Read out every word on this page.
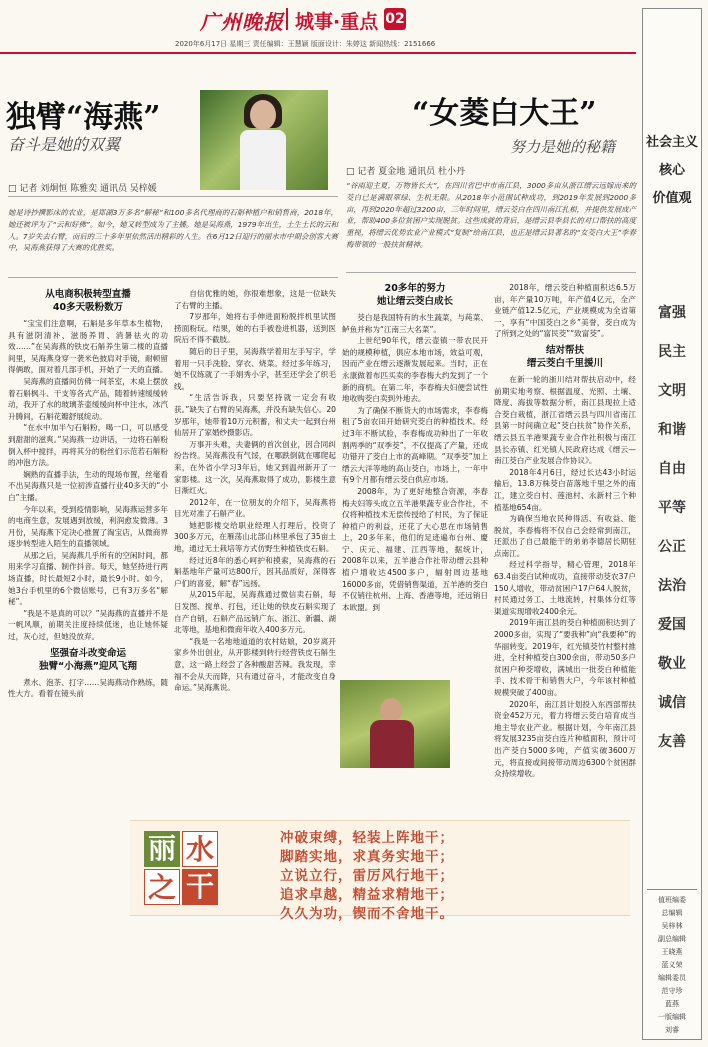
广州晚报 城事·重点 02
2020年6月17日 星期三 责任编辑：王慧颖 版面设计：朱婷这 新闻热线：2151666
社会主义
核心
价值观
富强
民主
文明
和谐
自由
平等
公正
法治
爱国
敬业
诚信
友善
值班编委
总编辑
吴梓林
副总编辑
王晓燕
蓝义荣
编辑委员
范守珍
蓝燕
一版编辑
刘睿
独臂“海燕”
奋斗是她的双翼
□ 记者 刘炯恒 陈雅奕 通讯员 吴梓媛
她是诗抄撰影床的农业，是郑湖3万多名“解秘”和100多名代理商的石斛种植户和销售商，2018年，她还被评为了“云和好佛”。如今，她又转型成为了主播。她是吴海燕，1979年出生，土生土长的云和人。7岁失去右臂，而后的三十多年里依然活出精彩的人生。在6月12日迎行的丽水市中期会创客大赛中，吴海燕获得了大赛的优胜奖。
“女菱白大王”
努力是她的秘籍
□ 记者 夏金地 通讯员 杜小丹
“谷雨迎主夏，万物皆长大”，在四川省巴中市南江县，3000多亩从浙江缙云远嫁而来的茭白已是满眼翠绿、生机无限。从2018年小范围试种成功，到2019年发展到2000多亩，再到2020年超过3200亩，三年时间里，缙云茭白在四川南江扎根，并提供发展成产业，帮助400多位贫困户实现脱贫。这些成就的背后，是缙云县李县长的对口帮扶的高度重视，将缙云优势农业产业模式“复制”给南江县，也正是缙云县著名的“女茭白大王”李春梅带领的一股扶贫精神。
从电商积极转型直播
40多天吸粉数万

“宝宝们注意啊，石斛是多年草本生植物，具有滋阴清补、滋肠养胃、消暑祛火的功效……”在吴海燕的铁皮石斛养生第二楼的直播间里，吴海燕身穿一袭米色披肩对手镜，耐顿留得俩敢，面对着几部手机，开始了一天的直播。

吴海燕的直播间仿佛一间茶室，木桌上摆放着石斛枫斗、干支等各式产品，随着转速缓缓转动，我开了水的玻璃茶壶缓缓向杯中注水，冰汽升腾间，石斛花瓣舒展绽动。

“在水中加半勺石斛粉，喝一口，可以感受到甜甜的滋爽。”吴海燕一边讲话，一边将石斛粉倒入杯中搅拌，再将其分的粉丝们示范若石斛粉的冲泡方法。

娴熟的直播手法，生动的现场布置，丝毫看不出吴海燕只是一位初涉直播行业40多天的“小白”主播。

今年以来，受到疫情影响，吴海燕运营多年的电商生意，发展遇到放缓，利润愈发微薄。3月份，吴海燕下定决心推置了淘宝店，从微商界逐步转型进入陌生的直播领域。

从那之后，吴海燕几乎所有的空闲时间，都用来学习直播、制作抖音。每天，她坚持进行两场直播，时长最短2小时，最长9小时。如今，她3台手机里的6个微信账号，已有3万多名“解秘”。

“我是不是真的可以？”吴海燕的直播并不是一帆风顺，前期关注度持续低迷，也让她怀疑过，灰心过，但她没放弃。

坚强奋斗改变命运
独臂“小海燕”迎风飞翔

煮水、泡茶、打字……吴海燕动作熟练，随性大方。看着在镜头前

自信优雅的她，你很难想象，这是一位缺失了右臂的主播。

7岁那年，她将右手伸进面粉脱拌机里试图捞面粉玩。结果，她的右手被卷进机器，送到医院后不得不截肢。

随后的日子里，吴海燕学着用左手写字，学着用一只手洗脸、穿衣、烧菜。经过多年练习，她不仅练就了一手娟秀小字，甚至还学会了织毛线。

“生活告诉我，只要坚持就一定会有收获。”缺失了右臂的吴海燕，并没有缺失信心。20岁那年，她带着10万元积蓄，和丈夫一起到台州仙居开了家婚纱摄影店。

万事开头难，夫妻俩的首次创业，因合同纠纷告终。吴海燕没有气馁，在哪跌倒就在哪爬起来，在外省小学习3年后，她又到温州新开了一家影楼。这一次，吴海燕取得了成功，影楼生意日渐红火。

2012年，在一位朋友的介绍下，吴海燕将目光对准了石斛产业。

她把影楼交给职业经理人打理后，投资了300多万元，在雁荡山北部山林里承包了35亩土地，通过无土栽培等方式仿野生种植铁皮石斛。

经过近8年的悉心呵护和摸索，吴海燕的石斛基地年产量可达800斤，因其品质好，深得客户们的喜爱，解“春”远扬。

从2015年起，吴海燕通过微信卖石斛，每日发图、搅单、打包，还让她的铁皮石斛实现了自产自销，石斛产品远销广东、浙江、新疆、湖北等地，基地和微商年收入400多万元。

“我是一名地地道道的农村姑娘，20岁离开家乡外出创业，从开影楼到转行经营铁皮石斛生意，这一路上经尝了各种酸甜苦辣。我发现，幸福不会从天而降，只有通过奋斗，才能改变自身命运。”吴海燕说。

20多年的努力
她让缙云茭白成长

茭白是我国特有的水生蔬菜，与莼菜、鲈鱼并称为“江南三大名菜”。

上世纪90年代，缙云壶镇一带农民开始的规模种植，俱应本地市场，效益可观，因而产业在缙云逐渐发展起来。当时，正在永康做着布匹买卖的李春梅大约发到了一个新的商机。在第二年，李春梅夫妇便尝试性地收购茭白卖到外地去。

为了确保不断货大的市场需求，李春梅租了5亩农田开始研究茭白的种植技术。经过3年不断试验，李春梅成功种出了一年收割两季的“双季茭”，不仅提高了产量，还成功错开了茭白上市的高峰期。“双季茭”加上缙云大洋等地的高山茭白，市场上，一年中有9个月都有缙云茭白供应市场。

2008年，为了更好地整合资源，李春梅夫妇等头成立五羊港果蔬专业合作社，不仅将种植技术无偿传授给了村民，为了保证种植户的利益，还花了大心思在市场销售上，20多年来，他们的足迹遍布台州、慶宁、庆元、福建、江西等地，据统计，2008年以来，五羊港合作社带动缙云县种植户增收达4500多户，辐射周边基地16000多亩，凭借销售渠道，五羊港的茭白不仅销往杭州、上海、香港等地，还远销日本欧盟。到

2018年，缙云茭白种植面积达6.5万亩，年产量10万吨，年产值4亿元，全产业链产值12.5亿元，产业规模成为全省第一，享有“中国茭白之乡”美誉，茭白成为了所到之处的“富民茭”“致富茭”。

结对帮扶
缙云茭白千里援川

在新一轮的浙川结对帮扶启动中，经前期实地考察、根据温度、光照、土壤、降度、海拔等数据分析，南江县现拉上适合茭白栽植，浙江省缙云县与四川省南江县第一时间确立起“茭白扶贫”协作关系，缙云县五羊港果蔬专业合作社积极与南江县长赤镇、红光镇人民政府达成《缙云—南江茭白产业发展合作协议》。

2018年4月6日，经过长达43小时运输后，13.8万株茭白苗落地千里之外的南江，建立茭白村、莲池村、永新村三个种植基地654亩。

为确保当地农民种得活、有收益、能脱贫，李春梅将不仅自己会经常到南江，还派出了自己最能干的弟弟李德居长期驻点南江。

经过科学指导，精心管理，2018年63.4亩茭白试种成功，直接带动茭农37户150人增收，带动贫困户17户64人脱贫，村民通过务工、土地流转，村集体分红等渠道实现增收2400余元。

2019年南江县的茭白种植面积达到了2000多亩，实现了“要我种”向“我要种”的华丽转变。2019年，红光镇茭竹村整村推进，全村种植茭白300余亩，带动50多户贫困户种茭增收，满城出一批茭白种植能手、技术骨干和销售大户，今年该村种植规模突破了400亩。

2020年，南江县计划投入东西部帮扶资金452万元，着力将缙云茭白培育成当地主导农业产业。根据计划，今年南江县将发展3235亩茭白连片种植面积，预计可出产茭白5000多吨，产值实破3600万元，将直接或间接带动周边6300个贫困群众持续增收。

丽 水
之 干
冲破束缚，轻装上阵地干；
脚踏实地，求真务实地干；
立说立行，雷厉风行地干；
追求卓越，精益求精地干；
久久为功，锲而不舍地干。
